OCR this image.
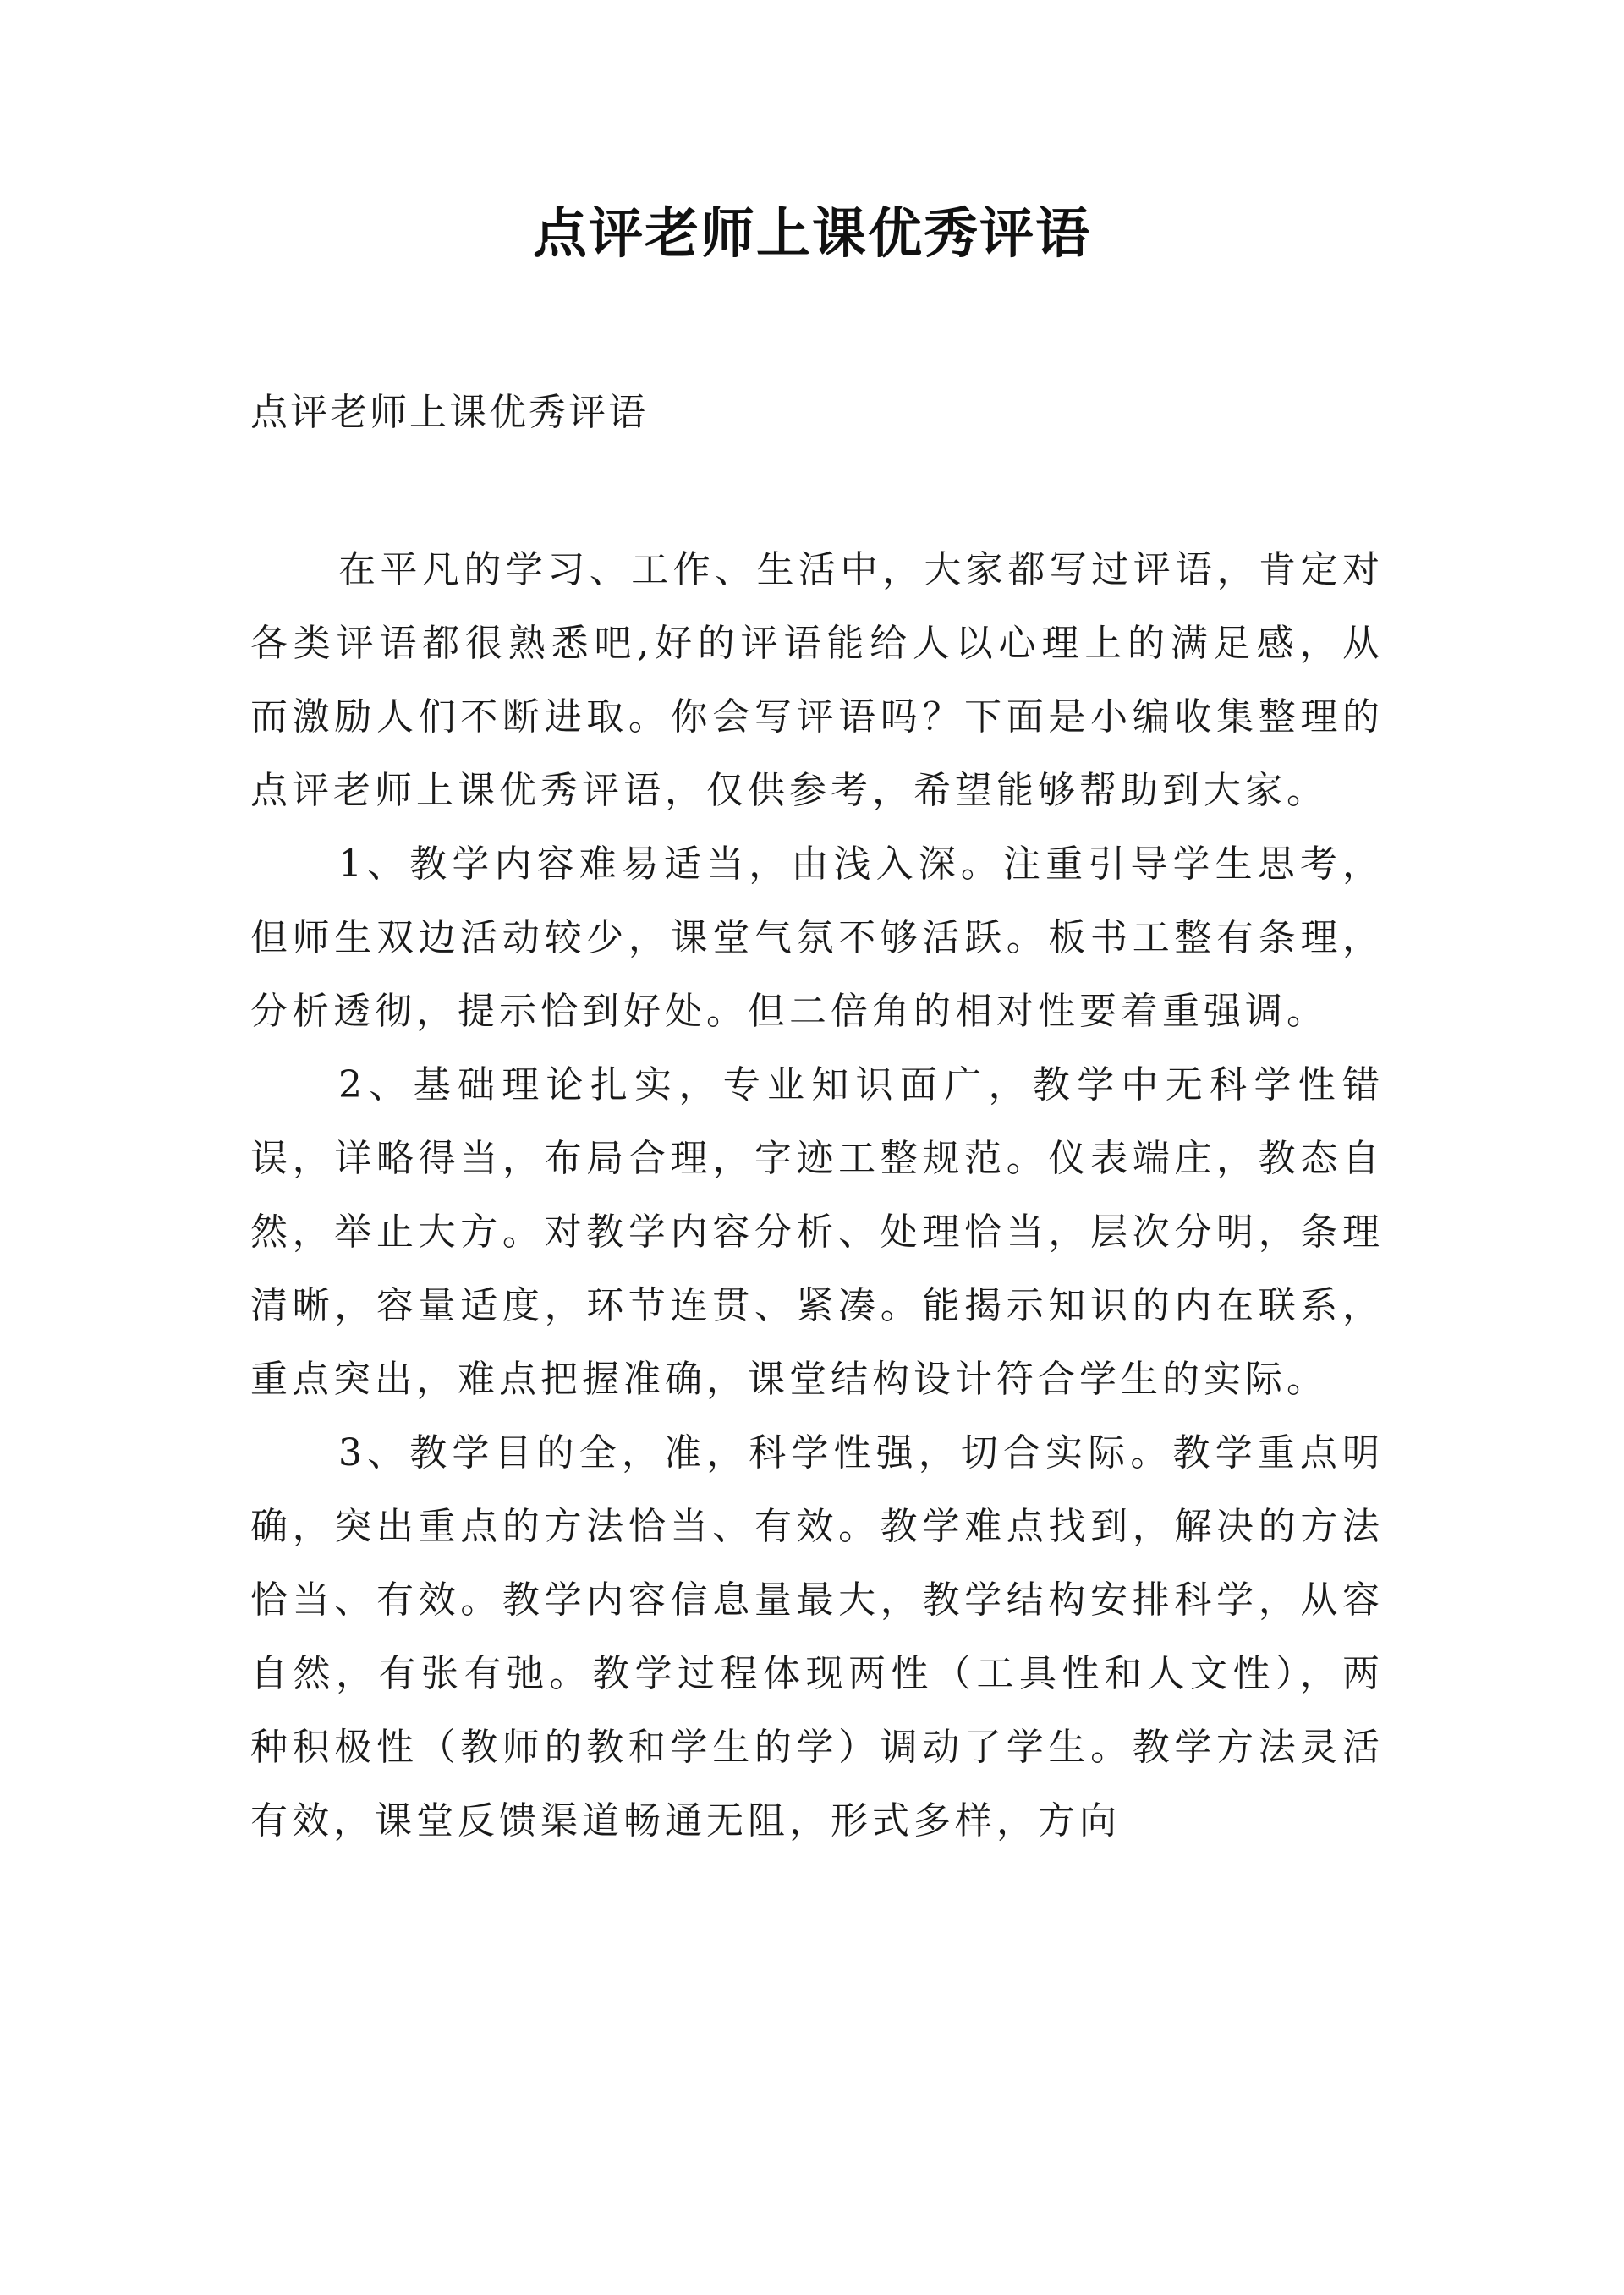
点评老师上课优秀评语

点评老师上课优秀评语

在平凡的学习、工作、生活中，大家都写过评语，肯定对各类评语都很熟悉吧,好的评语能给人以心理上的满足感，从而激励人们不断进取。你会写评语吗？下面是小编收集整理的点评老师上课优秀评语，仅供参考，希望能够帮助到大家。

1、教学内容难易适当，由浅入深。注重引导学生思考，但师生双边活动较少，课堂气氛不够活跃。板书工整有条理，分析透彻，提示恰到好处。但二倍角的相对性要着重强调。

2、基础理论扎实，专业知识面广，教学中无科学性错误，详略得当，布局合理，字迹工整规范。仪表端庄，教态自然，举止大方。对教学内容分析、处理恰当，层次分明，条理清晰，容量适度，环节连贯、紧凑。能揭示知识的内在联系，重点突出，难点把握准确，课堂结构设计符合学生的实际。

3、教学目的全，准，科学性强，切合实际。教学重点明确，突出重点的方法恰当、有效。教学难点找到，解决的方法恰当、有效。教学内容信息量最大，教学结构安排科学，从容自然，有张有弛。教学过程体现两性（工具性和人文性），两种积极性（教师的教和学生的学）调动了学生。教学方法灵活有效，课堂反馈渠道畅通无阻，形式多样，方向
